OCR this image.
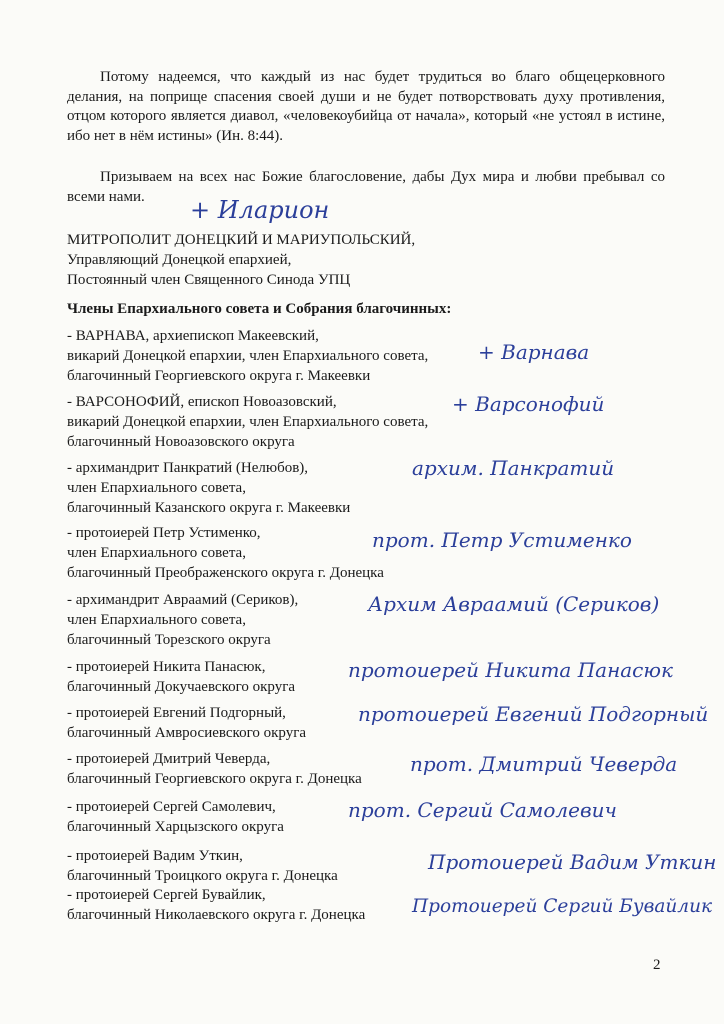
Потому надеемся, что каждый из нас будет трудиться во благо общецерковного делания, на поприще спасения своей души и не будет потворствовать духу противления, отцом которого является диавол, «человекоубийца от начала», который «не устоял в истине, ибо нет в нём истины» (Ин. 8:44).

Призываем на всех нас Божие благословение, дабы Дух мира и любви пребывал со всеми нами.	+ Иларион
МИТРОПОЛИТ ДОНЕЦКИЙ И МАРИУПОЛЬСКИЙ,
Управляющий Донецкой епархией,
Постоянный член Священного Синода УПЦ
Члены Епархиального совета и Собрания благочинных:
- ВАРНАВА, архиепископ Макеевский,
викарий Донецкой епархии, член Епархиального совета,
благочинный Георгиевского округа г. Макеевки
+ Варнава
- ВАРСОНОФИЙ, епископ Новоазовский,
викарий Донецкой епархии, член Епархиального совета,
благочинный Новоазовского округа
+ Варсонофий
- архимандрит Панкратий (Нелюбов),
член Епархиального совета,
благочинный Казанского округа г. Макеевки
архим. Панкратий
- протоиерей Петр Устименко,
член Епархиального совета,
благочинный Преображенского округа г. Донецка
прот. Петр Устименко
- архимандрит Авраамий (Сериков),
член Епархиального совета,
благочинный Торезского округа
Архим Авраамий (Сериков)
- протоиерей Никита Панасюк,
благочинный Докучаевского округа
протоиерей Никита Панасюк
- протоиерей Евгений Подгорный,
благочинный Амвросиевского округа
протоиерей Евгений Подгорный
- протоиерей Дмитрий Чеверда,
благочинный Георгиевского округа г. Донецка
прот. Дмитрий Чеверда
- протоиерей Сергей Самолевич,
благочинный Харцызского округа
прот. Сергий Самолевич
- протоиерей Вадим Уткин,
благочинный Троицкого округа г. Донецка
Протоиерей Вадим Уткин
- протоиерей Сергей Бувайлик,
благочинный Николаевского округа г. Донецка	Протоиерей Сергий Бувайлик
2
